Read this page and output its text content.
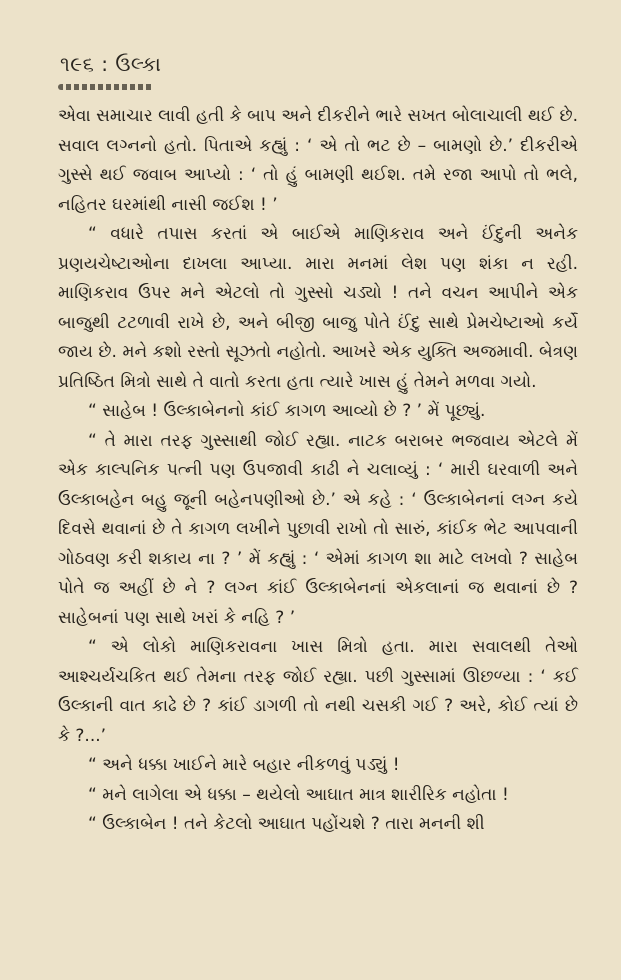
૧૯૬ : ઉલ્કા

એવા સમાચાર લાવી હતી કે બાપ અને દીકરીને ભારે સખત બોલાચાલી થઈ છે. સવાલ લગ્નનો હતો. પિતાએ કહ્યું : ‘ એ તો ભટ છે – બામણો છે.’ દીકરીએ ગુસ્સે થઈ જવાબ આપ્યો : ‘ તો હું બામણી થઈશ. તમે રજા આપો તો ભલે, નહિતર ઘરમાંથી નાસી જઈશ ! ’

“ વધારે તપાસ કરતાં એ બાઈએ માણિકરાવ અને ઈંદુની અનેક પ્રણયચેષ્ટાઓના દાખલા આપ્યા. મારા મનમાં લેશ પણ શંકા ન રહી. માણિકરાવ ઉપર મને એટલો તો ગુસ્સો ચડ્યો ! તને વચન આપીને એક બાજુથી ટટળાવી રાખે છે, અને બીજી બાજુ પોતે ઈંદુ સાથે પ્રેમચેષ્ટાઓ કર્યે જાય છે. મને કશો રસ્તો સૂઝતો નહોતો. આખરે એક યુક્તિ અજમાવી. બેત્રણ પ્રતિષ્ઠિત મિત્રો સાથે તે વાતો કરતા હતા ત્યારે ખાસ હું તેમને મળવા ગયો.

“ સાહેબ ! ઉલ્કાબેનનો કાંઈ કાગળ આવ્યો છે ? ’ મેં પૂછ્યું.

“ તે મારા તરફ ગુસ્સાથી જોઈ રહ્યા. નાટક બરાબર ભજવાય એટલે મેં એક કાલ્પનિક પત્ની પણ ઉપજાવી કાઢી ને ચલાવ્યું : ‘ મારી ઘરવાળી અને ઉલ્કાબહેન બહુ જૂની બહેનપણીઓ છે.’ એ કહે : ‘ ઉલ્કાબેનનાં લગ્ન કયે દિવસે થવાનાં છે તે કાગળ લખીને પુછાવી રાખો તો સારું, કાંઈક ભેટ આપવાની ગોઠવણ કરી શકાય ના ? ’ મેં કહ્યું : ‘ એમાં કાગળ શા માટે લખવો ? સાહેબ પોતે જ અહીં છે ને ? લગ્ન કાંઈ ઉલ્કાબેનનાં એકલાનાં જ થવાનાં છે ? સાહેબનાં પણ સાથે ખરાં કે નહિ ? ’

“ એ લોકો માણિકરાવના ખાસ મિત્રો હતા. મારા સવાલથી તેઓ આશ્ચર્યચકિત થઈ તેમના તરફ જોઈ રહ્યા. પછી ગુસ્સામાં ઊછળ્યા : ‘ કઈ ઉલ્કાની વાત કાઢે છે ? કાંઈ ડાગળી તો નથી ચસકી ગઈ ? અરે, કોઈ ત્યાં છે કે ?...’

“ અને ધક્કા ખાઈને મારે બહાર નીકળવું પડ્યું !

“ મને લાગેલા એ ધક્કા – થયેલો આઘાત માત્ર શારીરિક નહોતા !

“ ઉલ્કાબેન ! તને કેટલો આઘાત પહોંચશે ? તારા મનની શી
